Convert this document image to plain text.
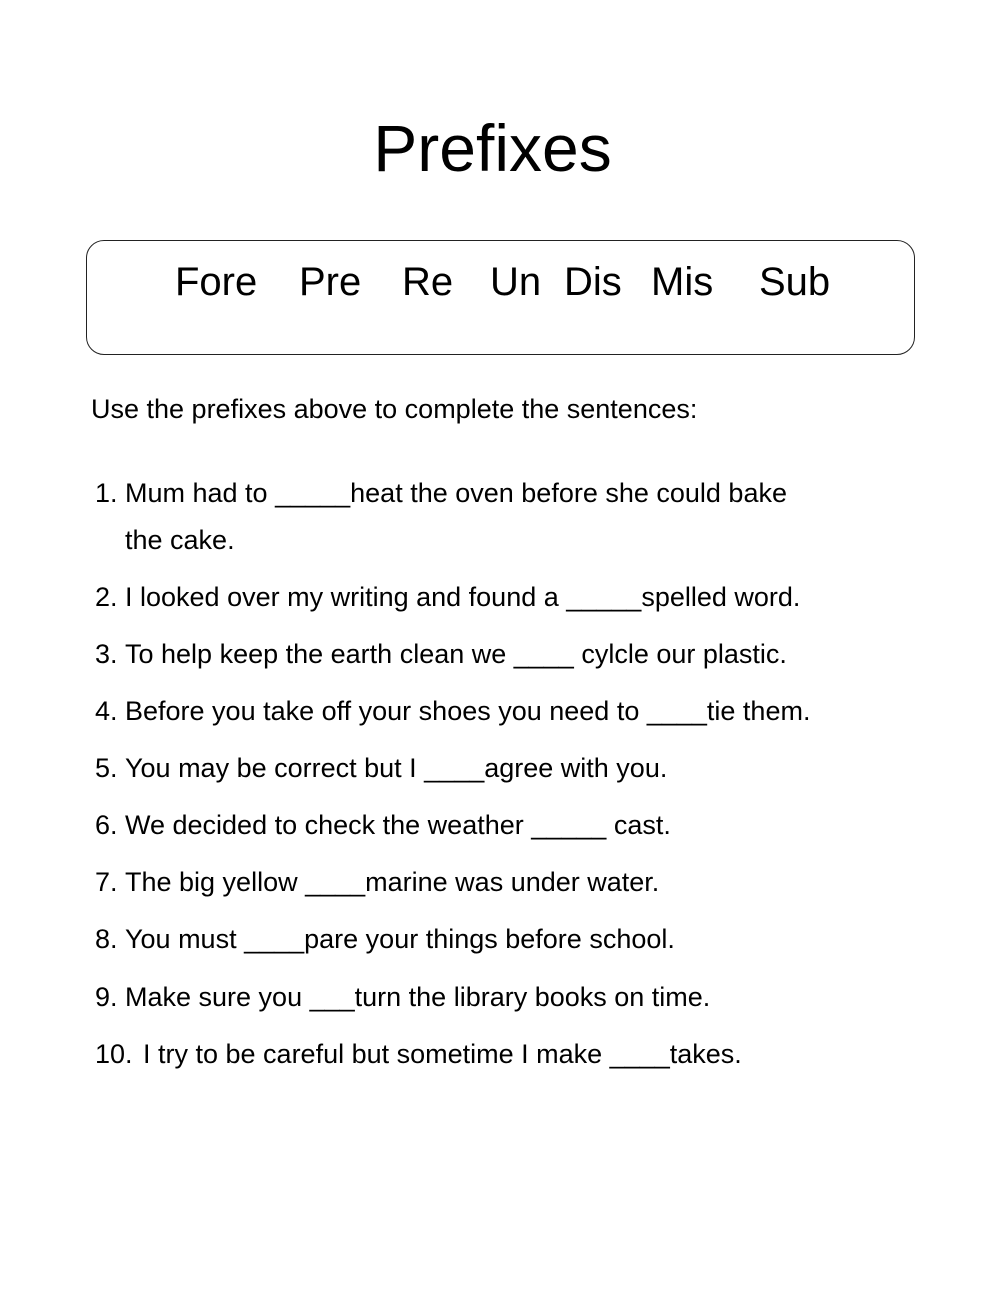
Prefixes
Fore Pre Re Un Dis Mis Sub
Use the prefixes above to complete the sentences:
1. Mum had to _____heat the oven before she could bake
the cake.
2. I looked over my writing and found a _____spelled word.
3. To help keep the earth clean we ____ cylcle our plastic.
4. Before you take off your shoes you need to ____tie them.
5. You may be correct but I ____agree with you.
6. We decided to check the weather _____ cast.
7. The big yellow ____marine was under water.
8. You must ____pare your things before school.
9. Make sure you ___turn the library books on time.
10. I try to be careful but sometime I make ____takes.
